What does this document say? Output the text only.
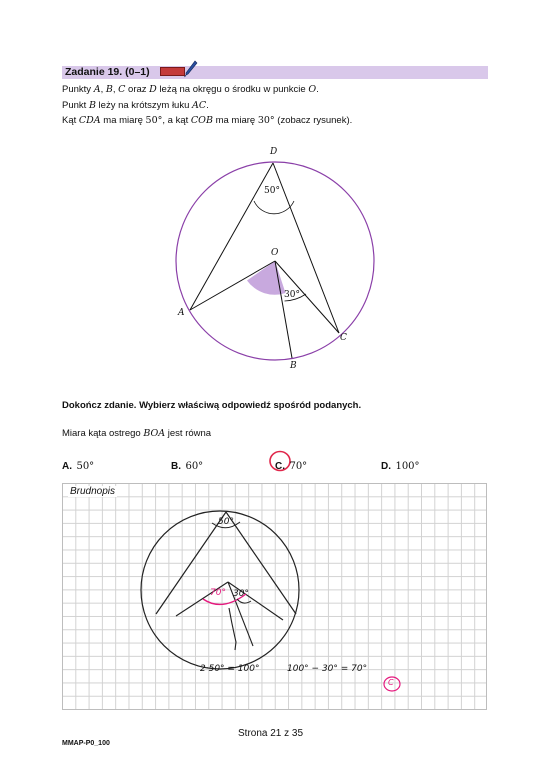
Zadanie 19. (0–1)
Punkty A, B, C oraz D leżą na okręgu o środku w punkcie O.
Punkt B leży na krótszym łuku AC.
Kąt CDA ma miarę 50°, a kąt COB ma miarę 30° (zobacz rysunek).
D
O
A
C
B
50°
30°
Dokończ zdanie. Wybierz właściwą odpowiedź spośród podanych.
Miara kąta ostrego BOA jest równa
A. 50°	B. 60°	C. 70°	D. 100°
Brudnopis
50°
70° 30°
2·50° = 100°	100° − 30° = 70°
C
Strona 21 z 35
MMAP-P0_100
